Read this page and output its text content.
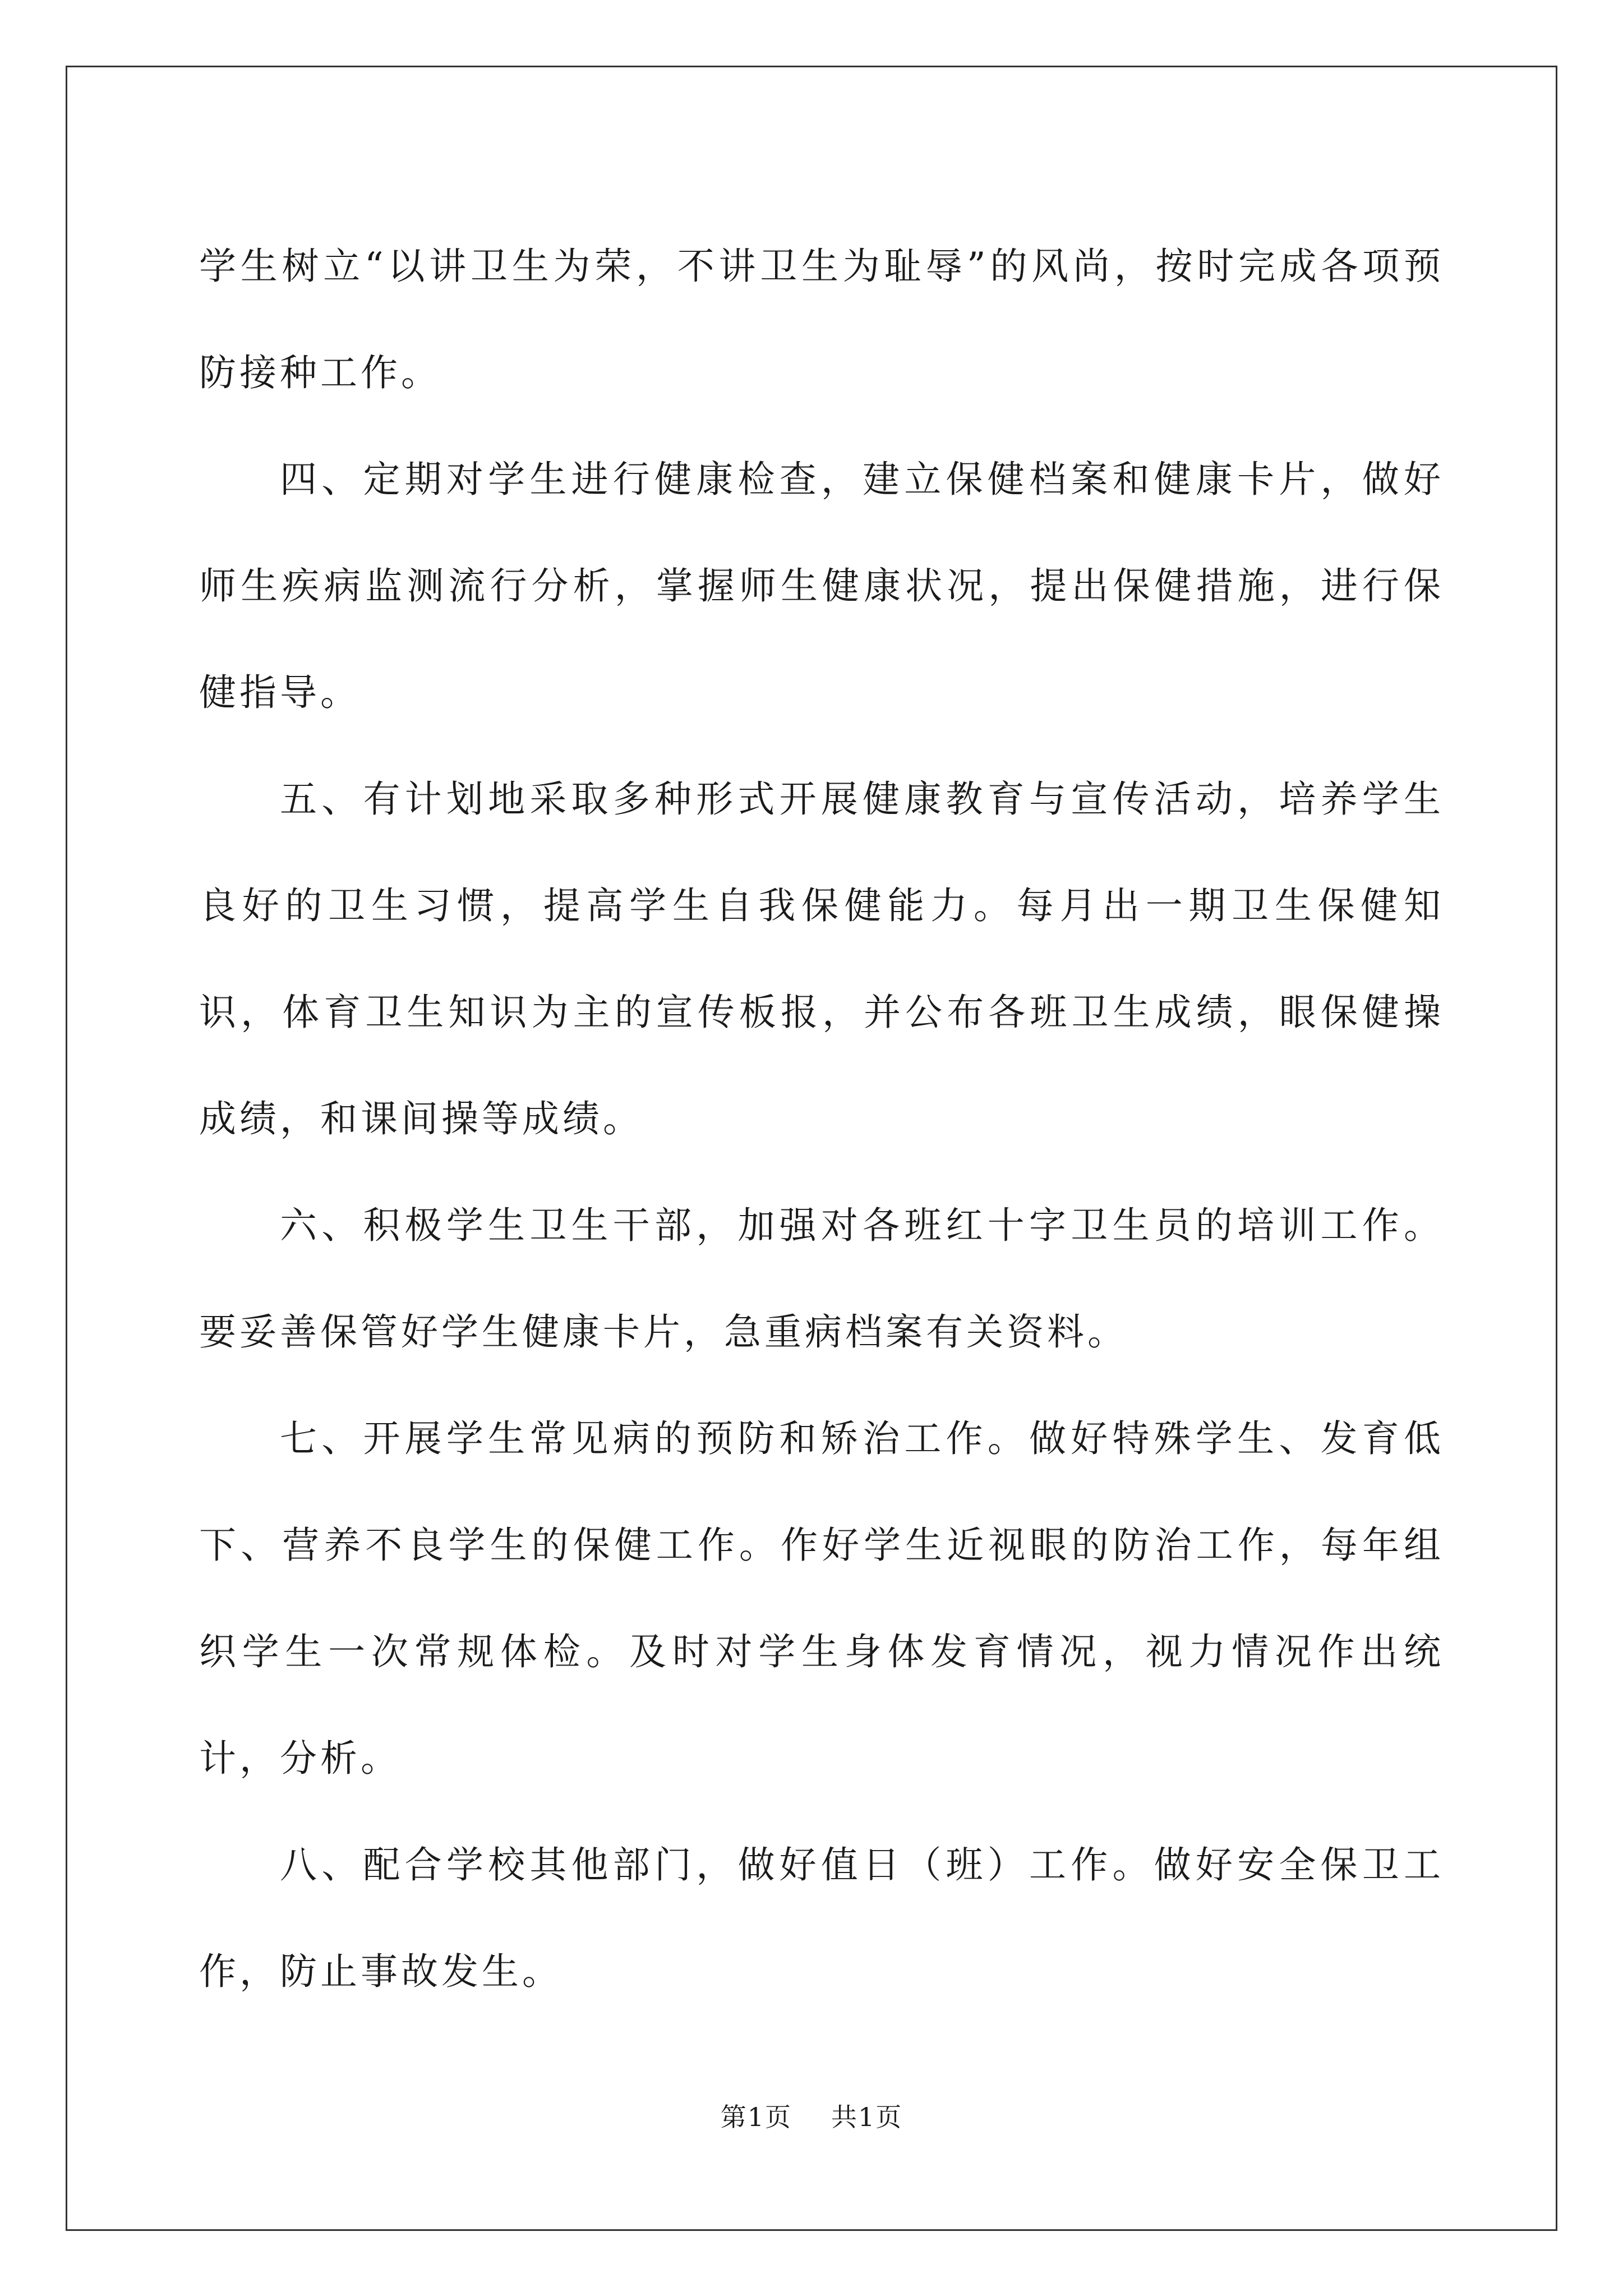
学生树立“以讲卫生为荣，不讲卫生为耻辱”的风尚，按时完成各项预防接种工作。

四、定期对学生进行健康检查，建立保健档案和健康卡片，做好师生疾病监测流行分析，掌握师生健康状况，提出保健措施，进行保健指导。

五、有计划地采取多种形式开展健康教育与宣传活动，培养学生良好的卫生习惯，提高学生自我保健能力。每月出一期卫生保健知识，体育卫生知识为主的宣传板报，并公布各班卫生成绩，眼保健操成绩，和课间操等成绩。

六、积极学生卫生干部，加强对各班红十字卫生员的培训工作。要妥善保管好学生健康卡片，急重病档案有关资料。

七、开展学生常见病的预防和矫治工作。做好特殊学生、发育低下、营养不良学生的保健工作。作好学生近视眼的防治工作，每年组织学生一次常规体检。及时对学生身体发育情况，视力情况作出统计，分析。

八、配合学校其他部门，做好值日（班）工作。做好安全保卫工作，防止事故发生。

第1页 共1页
